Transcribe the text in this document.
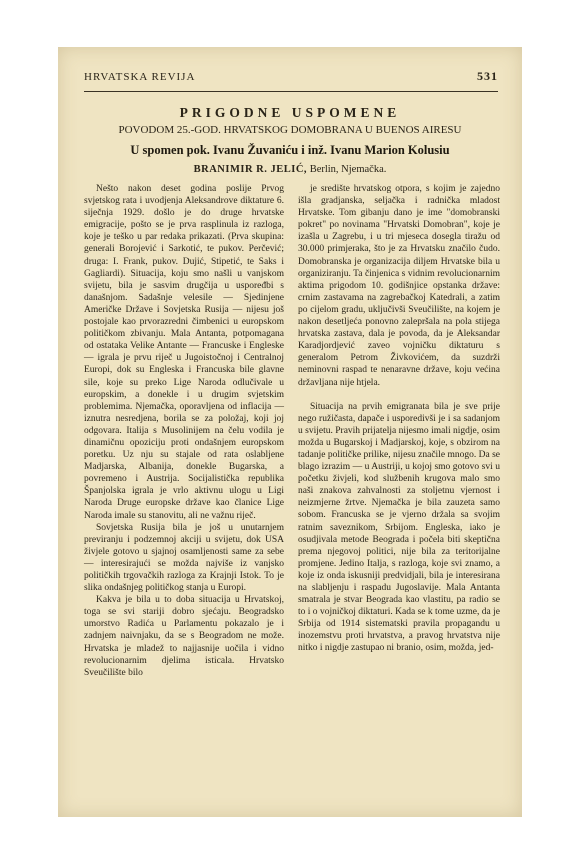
HRVATSKA REVIJA	531
PRIGODNE USPOMENE
POVODOM 25.-GOD. HRVATSKOG DOMOBRANA U BUENOS AIRESU
U spomen pok. Ivanu Žuvaniću i inž. Ivanu Marion Kolusiu
BRANIMIR R. JELIĆ, Berlin, Njemačka.

Nešto nakon deset godina poslije Prvog svjetskog rata i uvodjenja Aleksandrove diktature 6. siječnja 1929. došlo je do druge hrvatske emigracije, pošto se je prva rasplinula iz razloga, koje je teško u par redaka prikazati. (Prva skupina: generali Borojević i Sarkotić, te pukov. Perčević; druga: I. Frank, pukov. Dujić, Stipetić, te Saks i Gagliardi). Situacija, koju smo našli u vanjskom svijetu, bila je sasvim drugčija u uspoređbi s današnjom. Sadašnje velesile — Sjedinjene Američke Države i Sovjetska Rusija — nijesu još postojale kao prvorazredni čimbenici u europskom političkom zbivanju. Mala Antanta, potpomagana od ostataka Velike Antante — Francuske i Engleske — igrala je prvu riječ u Jugoistočnoj i Centralnoj Europi, dok su Engleska i Francuska bile glavne sile, koje su preko Lige Naroda odlučivale u europskim, a donekle i u drugim svjetskim problemima. Njemačka, oporavljena od inflacija — iznutra nesredjena, borila se za položaj, koji joj odgovara. Italija s Musolinijem na čelu vodila je dinamičnu opoziciju proti ondašnjem europskom poretku. Uz nju su stajale od rata oslabljene Madjarska, Albanija, donekle Bugarska, a povremeno i Austrija. Socijalistička republika Španjolska igrala je vrlo aktivnu ulogu u Ligi Naroda Druge europske države kao članice Lige Naroda imale su stanovitu, ali ne važnu riječ.

Sovjetska Rusija bila je još u unutarnjem previranju i podzemnoj akciji u svijetu, dok USA živjele gotovo u sjajnoj osamljenosti same za sebe — interesirajući se možda najviše iz vanjsko političkih trgovačkih razloga za Krajnji Istok. To je slika ondašnjeg političkog stanja u Europi.

Kakva je bila u to doba situacija u Hrvatskoj, toga se svi stariji dobro sjećaju. Beogradsko umorstvo Radića u Parlamentu pokazalo je i zadnjem naivnjaku, da se s Beogradom ne može. Hrvatska je mladež to najjasnije uočila i vidno revolucionarnim djelima isticala. Hrvatsko Sveučilište bilo

je središte hrvatskog otpora, s kojim je zajedno išla gradjanska, seljačka i radnička mladost Hrvatske. Tom gibanju dano je ime "domobranski pokret" po novinama "Hrvatski Domobran", koje je izašla u Zagrebu, i u tri mjeseca dosegla tiražu od 30.000 primjeraka, što je za Hrvatsku značilo čudo. Domobranska je organizacija diljem Hrvatske bila u organiziranju. Ta činjenica s vidnim revolucionarnim aktima prigodom 10. godišnjice opstanka države: crnim zastavama na zagrebačkoj Katedrali, a zatim po cijelom gradu, uključivši Sveučilište, na kojem je nakon desetljeća ponovno zalepršala na pola stijega hrvatska zastava, dala je povoda, da je Aleksandar Karadjordjević zaveo vojničku diktaturu s generalom Petrom Živkovićem, da suzdrži neminovni raspad te nenaravne države, koju većina državljana nije htjela.

Situacija na prvih emigranata bila je sve prije nego ružičasta, dapače i usporedivši je i sa sadanjom u svijetu. Pravih prijatelja nijesmo imali nigdje, osim možda u Bugarskoj i Madjarskoj, koje, s obzirom na tadanje političke prilike, nijesu značile mnogo. Da se blago izrazim — u Austriji, u kojoj smo gotovo svi u početku živjeli, kod službenih krugova malo smo naši znakova zahvalnosti za stoljetnu vjernost i neizmjerne žrtve. Njemačka je bila zauzeta samo sobom. Francuska se je vjerno držala sa svojim ratnim saveznikom, Srbijom. Engleska, iako je osudjivala metode Beograda i počela biti skeptična prema njegovoj politici, nije bila za teritorijalne promjene. Jedino Italja, s razloga, koje svi znamo, a koje iz onda iskusniji predvidjali, bila je interesirana na slabljenju i raspadu Jugoslavije. Mala Antanta smatrala je stvar Beograda kao vlastitu, pa radio se to i o vojničkoj diktaturi. Kada se k tome uzme, da je Srbija od 1914 sistematski pravila propagandu u inozemstvu proti hrvatstva, a pravog hrvatstva nije nitko i nigdje zastupao ni branio, osim, možda, jed-
